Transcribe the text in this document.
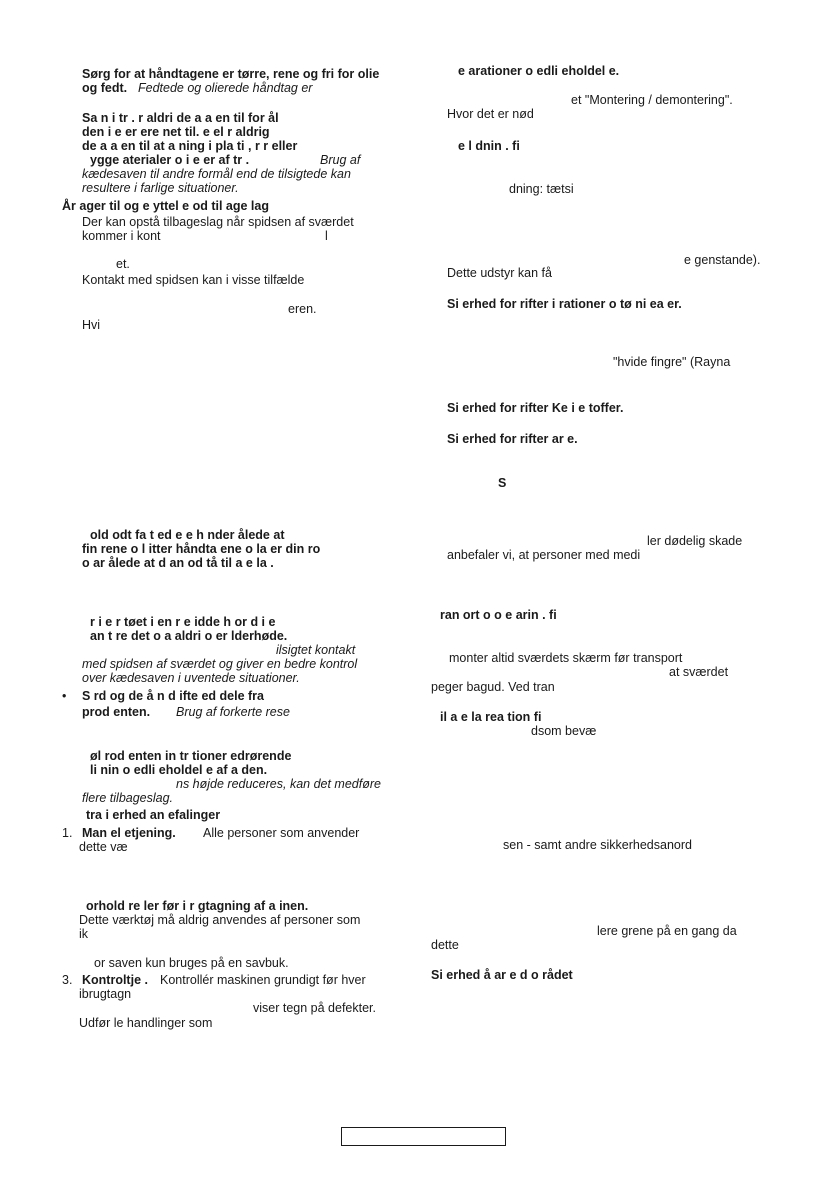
Sørg for at håndtagene er tørre, rene og fri for olie
og fedt. Fedtede og olierede håndtag er
Sa n i tr . r aldri de a a en til for ål
den i e er ere net til. e el r aldrig
de a a en til at a ning i pla ti , r r eller
ygge aterialer o i e er af tr .	Brug af
kædesaven til andre formål end de tilsigtede kan
resultere i farlige situationer.
År ager til og e yttel e od til age lag
Der kan opstå tilbageslag når spidsen af sværdet
kommer i kont	l
et.
Kontakt med spidsen kan i visse tilfælde
eren.
Hvi
old odt fa t ed e e h nder ålede at
fin rene o l itter håndta ene o la er din ro
o ar ålede at d an od tå til a e la .
r i e r tøet i en r e idde h or d i e
an t re det o a aldri o er lderhøde.
ilsigtet kontakt
med spidsen af sværdet og giver en bedre kontrol
over kædesaven i uventede situationer.
• S rd og de å n d ifte ed dele fra
prod enten. Brug af forkerte rese
øl rod enten in tr tioner edrørende
li nin o edli eholdel e af a den.
ns højde reduceres, kan det medføre
flere tilbageslag.
tra i erhed an efalinger
1. Man el etjening. Alle personer som anvender
dette væ
orhold re ler før i r gtagning af a inen.
Dette værktøj må aldrig anvendes af personer som
ik
or saven kun bruges på en savbuk.
3. Kontroltje . Kontrollér maskinen grundigt før hver
ibrugtagn
viser tegn på defekter.
Udfør le handlinger som
e arationer o edli eholdel e.
et "Montering / demontering".
Hvor det er nød
e l dnin . fi
dning: tætsi
e genstande).
Dette udstyr kan få
Si erhed for rifter i rationer o tø ni ea er.
"hvide fingre" (Rayna
Si erhed for rifter Ke i e toffer.
Si erhed for rifter ar e.
S
ler dødelig skade
anbefaler vi, at personer med medi
ran ort o o e arin . fi
monter altid sværdets skærm før transport
at sværdet
peger bagud. Ved tran
il a e la rea tion fi
dsom bevæ
sen - samt andre sikkerhedsanord
lere grene på en gang da
dette
Si erhed å ar e d o rådet
